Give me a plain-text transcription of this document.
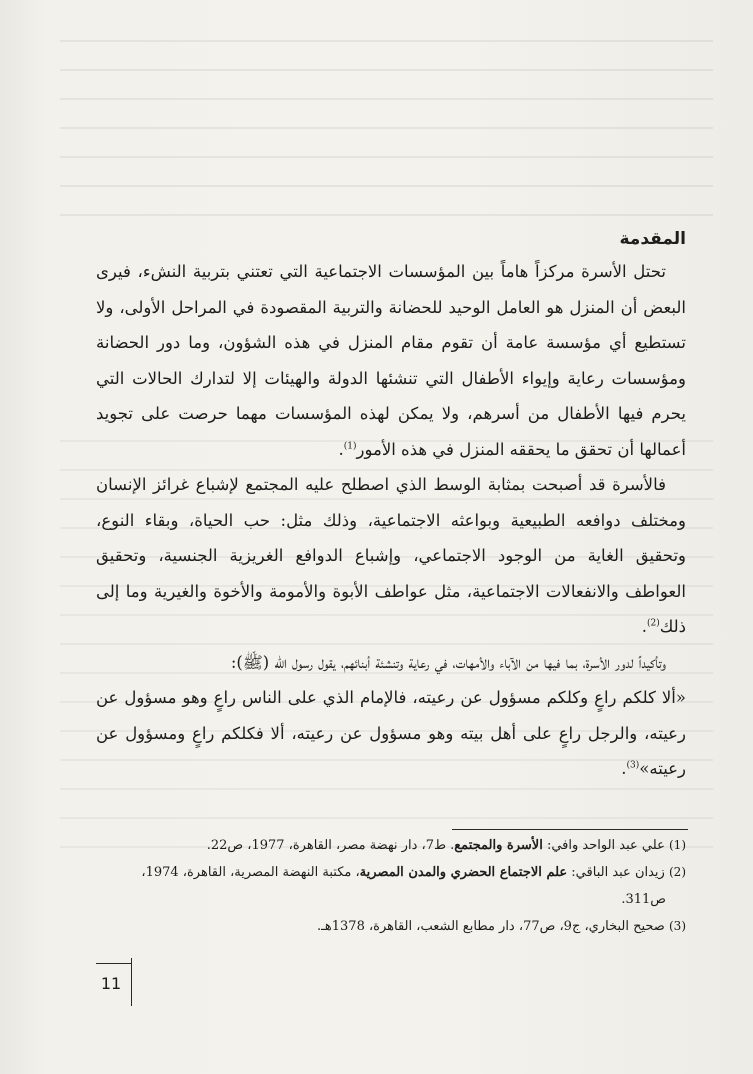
المقدمة

تحتل الأسرة مركزاً هاماً بين المؤسسات الاجتماعية التي تعتني بتربية النشء، فيرى البعض أن المنزل هو العامل الوحيد للحضانة والتربية المقصودة في المراحل الأولى، ولا تستطيع أي مؤسسة عامة أن تقوم مقام المنزل في هذه الشؤون، وما دور الحضانة ومؤسسات رعاية وإيواء الأطفال التي تنشئها الدولة والهيئات إلا لتدارك الحالات التي يحرم فيها الأطفال من أسرهم، ولا يمكن لهذه المؤسسات مهما حرصت على تجويد أعمالها أن تحقق ما يحققه المنزل في هذه الأمور$^{(1)}$.

فالأسرة قد أصبحت بمثابة الوسط الذي اصطلح عليه المجتمع لإشباع غرائز الإنسان ومختلف دوافعه الطبيعية وبواعثه الاجتماعية، وذلك مثل: حب الحياة، وبقاء النوع، وتحقيق الغاية من الوجود الاجتماعي، وإشباع الدوافع الغريزية الجنسية، وتحقيق العواطف والانفعالات الاجتماعية، مثل عواطف الأبوة والأمومة والأخوة والغيرية وما إلى ذلك$^{(2)}$.

وتأكيداً لدور الأسرة، بما فيها من الآباء والأمهات، في رعاية وتنشئة أبنائهم، يقول رسول الله (ﷺ):

«ألا كلكم راعٍ وكلكم مسؤول عن رعيته، فالإمام الذي على الناس راعٍ وهو مسؤول عن رعيته، والرجل راعٍ على أهل بيته وهو مسؤول عن رعيته، ألا فكلكم راعٍ ومسؤول عن رعيته»$^{(3)}$.

(1) علي عبد الواحد وافي: الأسرة والمجتمع. ط7، دار نهضة مصر، القاهرة، 1977، ص22.

(2) زيدان عبد الباقي: علم الاجتماع الحضري والمدن المصرية، مكتبة النهضة المصرية، القاهرة، 1974،

ص311.

(3) صحيح البخاري، ج9، ص77، دار مطابع الشعب، القاهرة، 1378هـ.

11
